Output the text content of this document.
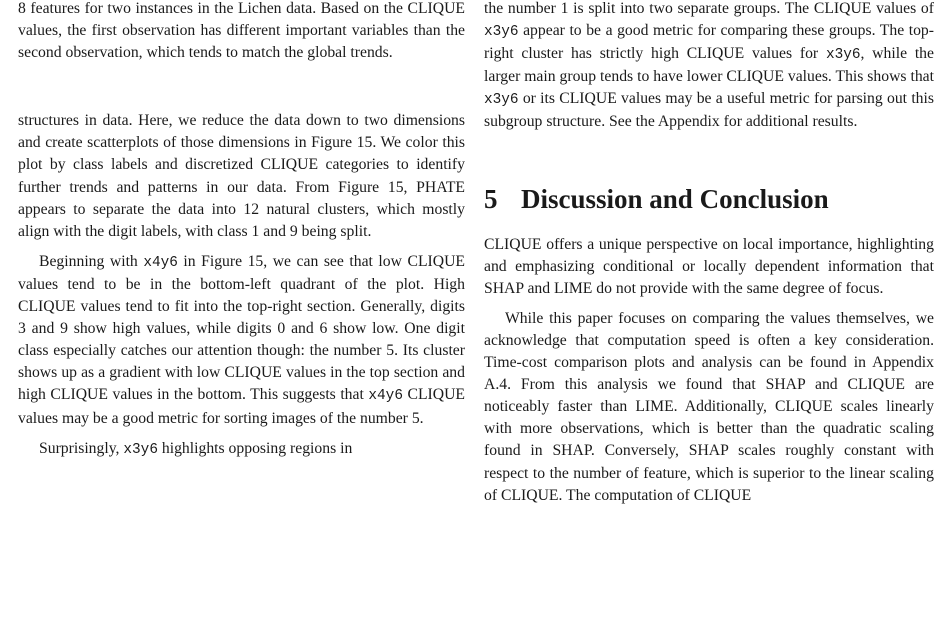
8 features for two instances in the Lichen data. Based on the CLIQUE values, the first observation has different important variables than the second observation, which tends to match the global trends.

structures in data. Here, we reduce the data down to two dimensions and create scatterplots of those dimensions in Figure 15. We color this plot by class labels and discretized CLIQUE categories to identify further trends and patterns in our data. From Figure 15, PHATE appears to separate the data into 12 natural clusters, which mostly align with the digit labels, with class 1 and 9 being split.

Beginning with x4y6 in Figure 15, we can see that low CLIQUE values tend to be in the bottom-left quadrant of the plot. High CLIQUE values tend to fit into the top-right section. Generally, digits 3 and 9 show high values, while digits 0 and 6 show low. One digit class especially catches our attention though: the number 5. Its cluster shows up as a gradient with low CLIQUE values in the top section and high CLIQUE values in the bottom. This suggests that x4y6 CLIQUE values may be a good metric for sorting images of the number 5.

Surprisingly, x3y6 highlights opposing regions in

the number 1 is split into two separate groups. The CLIQUE values of x3y6 appear to be a good metric for comparing these groups. The top-right cluster has strictly high CLIQUE values for x3y6, while the larger main group tends to have lower CLIQUE values. This shows that x3y6 or its CLIQUE values may be a useful metric for parsing out this subgroup structure. See the Appendix for additional results.

5 Discussion and Conclusion

CLIQUE offers a unique perspective on local importance, highlighting and emphasizing conditional or locally dependent information that SHAP and LIME do not provide with the same degree of focus.

While this paper focuses on comparing the values themselves, we acknowledge that computation speed is often a key consideration. Time-cost comparison plots and analysis can be found in Appendix A.4. From this analysis we found that SHAP and CLIQUE are noticeably faster than LIME. Additionally, CLIQUE scales linearly with more observations, which is better than the quadratic scaling found in SHAP. Conversely, SHAP scales roughly constant with respect to the number of feature, which is superior to the linear scaling of CLIQUE. The computation of CLIQUE
